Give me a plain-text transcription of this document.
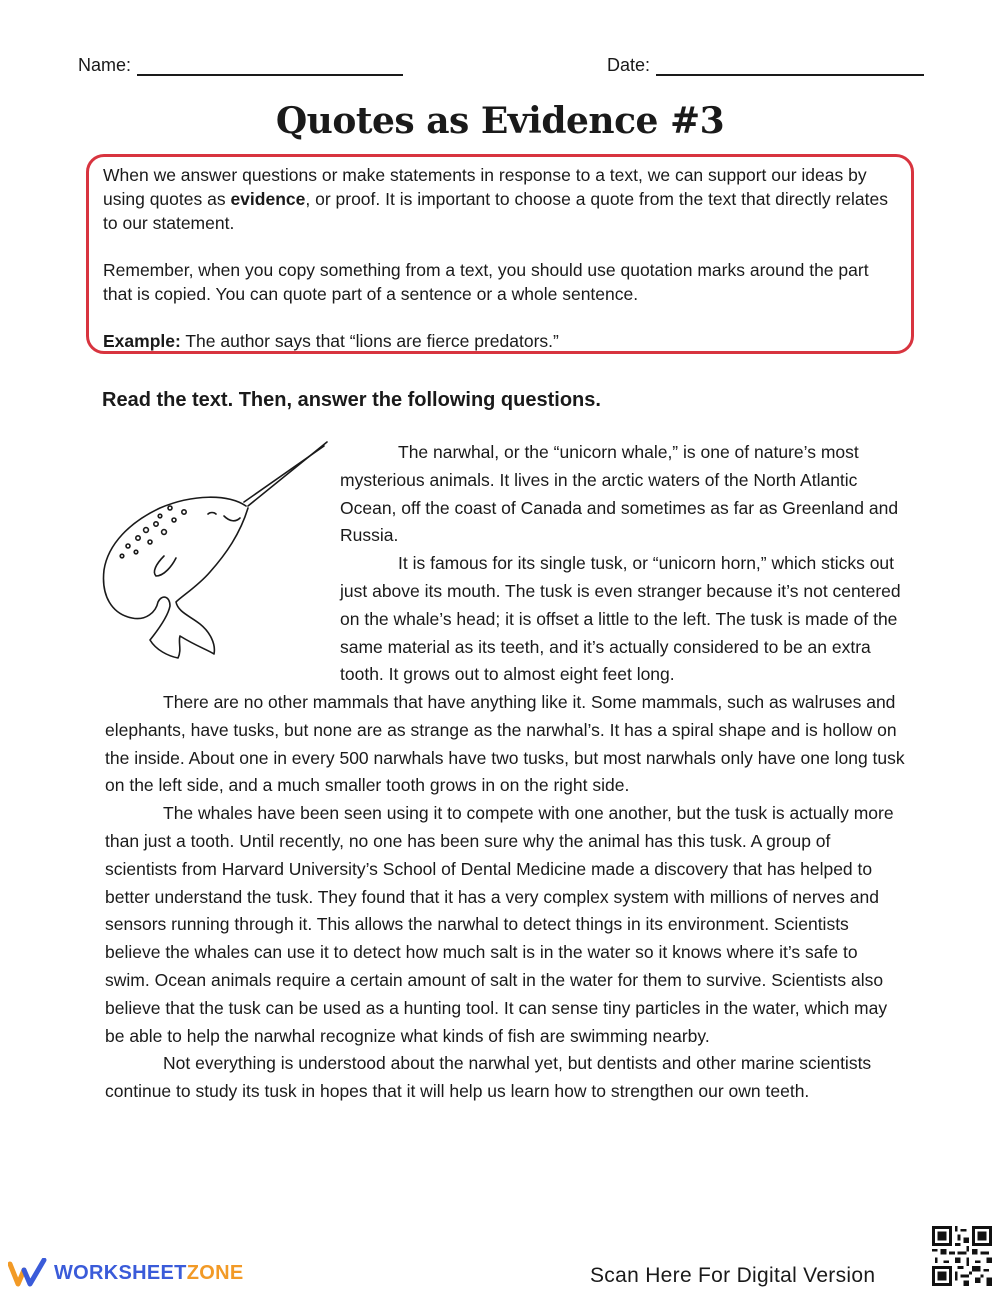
Name:	Date:
Quotes as Evidence #3

When we answer questions or make statements in response to a text, we can support our ideas by using quotes as evidence, or proof. It is important to choose a quote from the text that directly relates to our statement.

Remember, when you copy something from a text, you should use quotation marks around the part that is copied. You can quote part of a sentence or a whole sentence.

Example: The author says that “lions are fierce predators.”

Read the text. Then, answer the following questions.

The narwhal, or the “unicorn whale,” is one of nature’s most mysterious animals. It lives in the arctic waters of the North Atlantic Ocean, off the coast of Canada and sometimes as far as Greenland and Russia.

It is famous for its single tusk, or “unicorn horn,” which sticks out just above its mouth. The tusk is even stranger because it’s not centered on the whale’s head; it is offset a little to the left. The tusk is made of the same material as its teeth, and it’s actually considered to be an extra tooth. It grows out to almost eight feet long.

There are no other mammals that have anything like it. Some mammals, such as walruses and elephants, have tusks, but none are as strange as the narwhal’s. It has a spiral shape and is hollow on the inside. About one in every 500 narwhals have two tusks, but most narwhals only have one long tusk on the left side, and a much smaller tooth grows in on the right side.

The whales have been seen using it to compete with one another, but the tusk is actually more than just a tooth. Until recently, no one has been sure why the animal has this tusk. A group of scientists from Harvard University’s School of Dental Medicine made a discovery that has helped to better understand the tusk. They found that it has a very complex system with millions of nerves and sensors running through it. This allows the narwhal to detect things in its environment. Scientists believe the whales can use it to detect how much salt is in the water so it knows where it’s safe to swim. Ocean animals require a certain amount of salt in the water for them to survive. Scientists also believe that the tusk can be used as a hunting tool. It can sense tiny particles in the water, which may be able to help the narwhal recognize what kinds of fish are swimming nearby.

Not everything is understood about the narwhal yet, but dentists and other marine scientists continue to study its tusk in hopes that it will help us learn how to strengthen our own teeth.

WORKSHEETZONE	Scan Here For Digital Version
